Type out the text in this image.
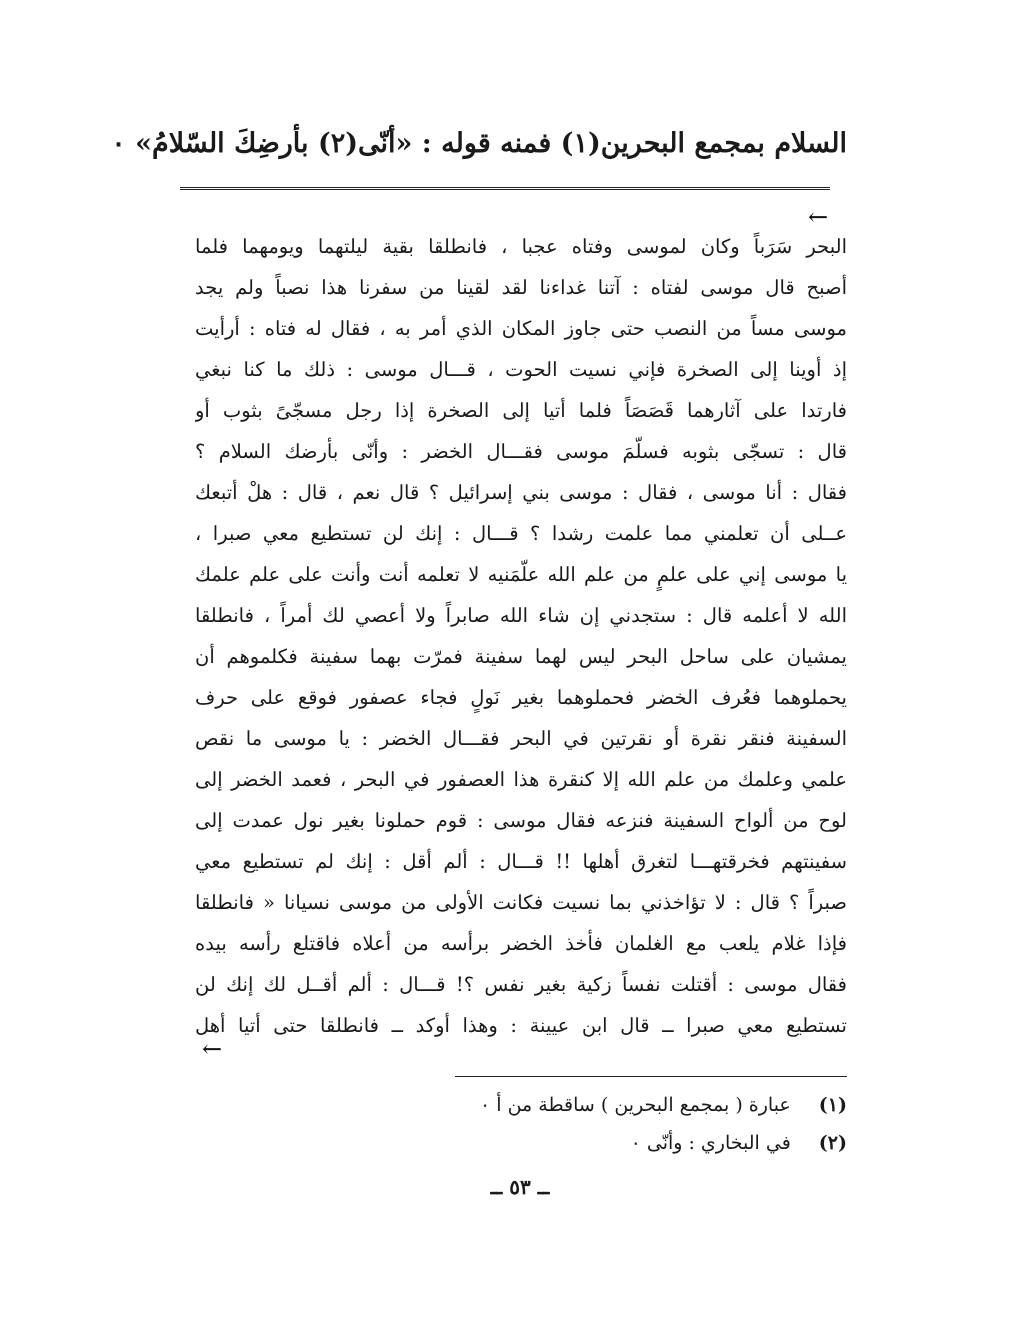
السلام بمجمع البحرين(١) فمنه قوله : «أنّى(٢) بأرضِكَ السّلامُ» ٠
←
البحر سَرَباً وكان لموسى وفتاه عجبا ، فانطلقا بقية ليلتهما ويومهما فلما
أصبح قال موسى لفتاه : آتنا غداءنا لقد لقينا من سفرنا هذا نصباً ولم يجد
موسى مساً من النصب حتى جاوز المكان الذي أمر به ، فقال له فتاه : أرأيت
إذ أوينا إلى الصخرة فإني نسيت الحوت ، قـــال موسى : ذلك ما كنا نبغي
فارتدا على آثارهما قَصَصَاً فلما أتيا إلى الصخرة إذا رجل مسجّىً بثوب أو
قال : تسجّى بثوبه فسلّمَ موسى فقـــال الخضر : وأنّى بأرضك السلام ؟
فقال : أنا موسى ، فقال : موسى بني إسرائيل ؟ قال نعم ، قال : هلْ أتبعك
عــلى أن تعلمني مما علمت رشدا ؟ قـــال : إنك لن تستطيع معي صبرا ،
يا موسى إني على علمٍ من علم الله علّمَنيه لا تعلمه أنت وأنت على علم علمك
الله لا أعلمه قال : ستجدني إن شاء الله صابراً ولا أعصي لك أمراً ، فانطلقا
يمشيان على ساحل البحر ليس لهما سفينة فمرّت بهما سفينة فكلموهم أن
يحملوهما فعُرف الخضر فحملوهما بغير نَولٍ فجاء عصفور فوقع على حرف
السفينة فنقر نقرة أو نقرتين في البحر فقـــال الخضر : يا موسى ما نقص
علمي وعلمك من علم الله إلا كنقرة هذا العصفور في البحر ، فعمد الخضر إلى
لوح من ألواح السفينة فنزعه فقال موسى : قوم حملونا بغير نول عمدت إلى
سفينتهم فخرقتهـــا لتغرق أهلها !! قـــال : ألم أقل : إنك لم تستطيع معي
صبراً ؟ قال : لا تؤاخذني بما نسيت فكانت الأولى من موسى نسيانا « فانطلقا
فإذا غلام يلعب مع الغلمان فأخذ الخضر برأسه من أعلاه فاقتلع رأسه بيده
فقال موسى : أقتلت نفساً زكية بغير نفس ؟! قـــال : ألم أقــل لك إنك لن
تستطيع معي صبرا ــ قال ابن عيينة : وهذا أوكد ــ فانطلقا حتى أتيا أهل
←
(١)عبارة ( بمجمع البحرين ) ساقطة من أ ٠
(٢)في البخاري : وأنّى ٠
ــ ٥٣ ــ
